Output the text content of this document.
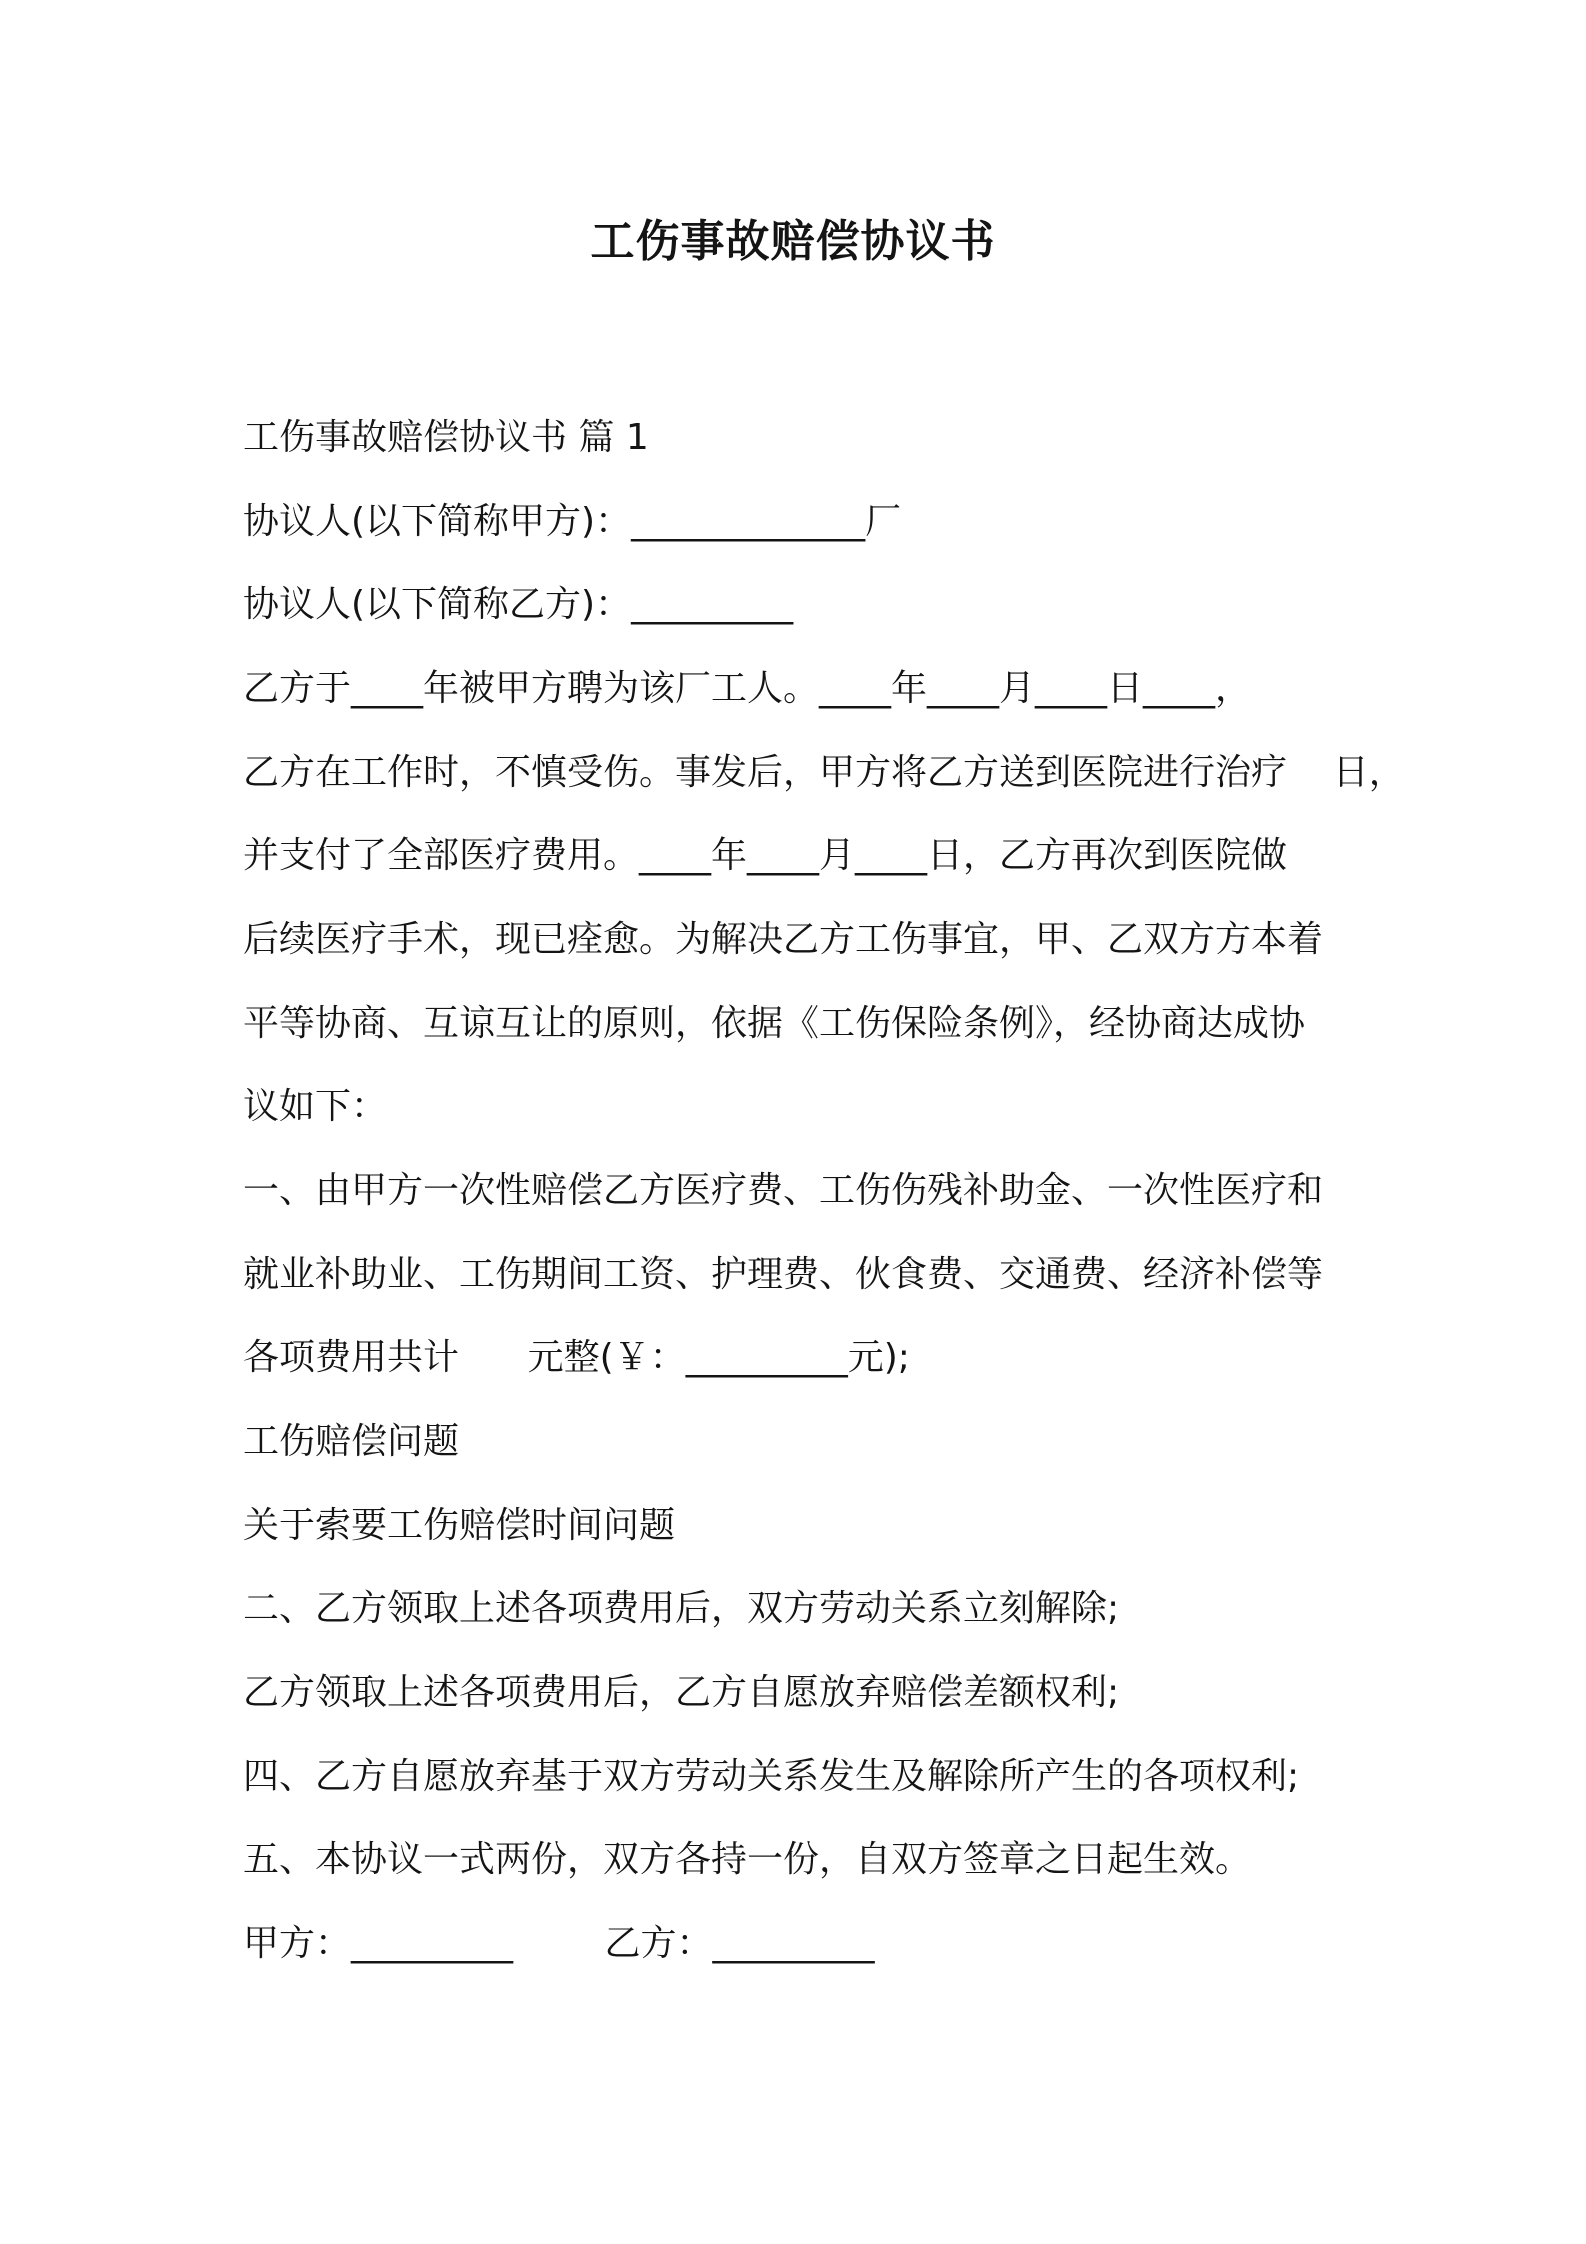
工伤事故赔偿协议书
工伤事故赔偿协议书 篇 1
协议人(以下简称甲方)：_____________厂
协议人(以下简称乙方)：_________
乙方于____年被甲方聘为该厂工人。____年____月____日____，
乙方在工作时，不慎受伤。事发后，甲方将乙方送到医院进行治疗    日，
并支付了全部医疗费用。____年____月____日，乙方再次到医院做
后续医疗手术，现已痊愈。为解决乙方工伤事宜，甲、乙双方方本着
平等协商、互谅互让的原则，依据《工伤保险条例》，经协商达成协
议如下：
一、由甲方一次性赔偿乙方医疗费、工伤伤残补助金、一次性医疗和
就业补助业、工伤期间工资、护理费、伙食费、交通费、经济补偿等
各项费用共计      元整(￥：_________元);
工伤赔偿问题
关于索要工伤赔偿时间问题
二、乙方领取上述各项费用后，双方劳动关系立刻解除;
乙方领取上述各项费用后，乙方自愿放弃赔偿差额权利;
四、乙方自愿放弃基于双方劳动关系发生及解除所产生的各项权利;
五、本协议一式两份，双方各持一份，自双方签章之日起生效。
甲方：_________        乙方：_________
